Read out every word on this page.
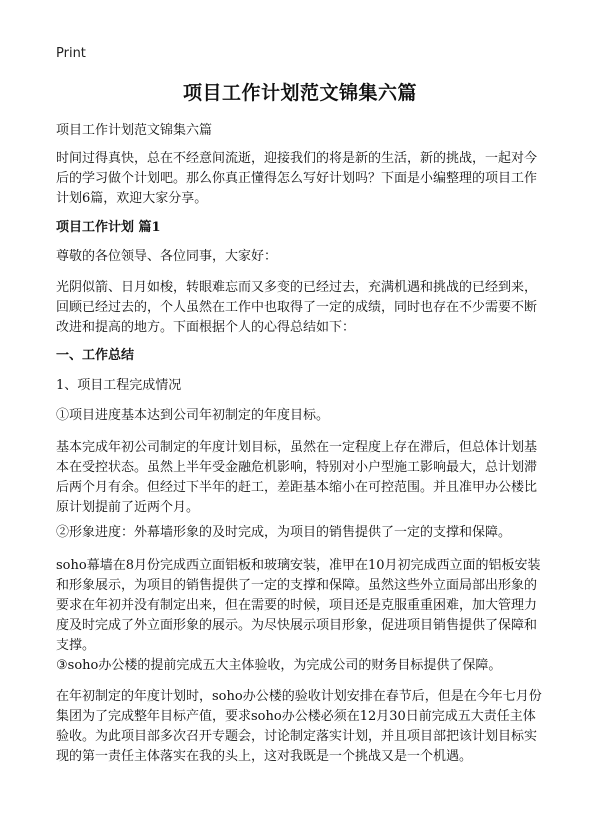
Print
项目工作计划范文锦集六篇

项目工作计划范文锦集六篇

时间过得真快，总在不经意间流逝，迎接我们的将是新的生活，新的挑战，一起对今后的学习做个计划吧。那么你真正懂得怎么写好计划吗？下面是小编整理的项目工作计划6篇，欢迎大家分享。

项目工作计划 篇1

尊敬的各位领导、各位同事，大家好：

光阴似箭、日月如梭，转眼难忘而又多变的已经过去，充满机遇和挑战的已经到来，回顾已经过去的，个人虽然在工作中也取得了一定的成绩，同时也存在不少需要不断改进和提高的地方。下面根据个人的心得总结如下：

一、工作总结

1、项目工程完成情况

①项目进度基本达到公司年初制定的年度目标。

基本完成年初公司制定的年度计划目标，虽然在一定程度上存在滞后，但总体计划基本在受控状态。虽然上半年受金融危机影响，特别对小户型施工影响最大，总计划滞后两个月有余。但经过下半年的赶工，差距基本缩小在可控范围。并且准甲办公楼比原计划提前了近两个月。

②形象进度：外幕墙形象的及时完成，为项目的销售提供了一定的支撑和保障。

soho幕墙在8月份完成西立面铝板和玻璃安装，准甲在10月初完成西立面的铝板安装和形象展示，为项目的销售提供了一定的支撑和保障。虽然这些外立面局部出形象的要求在年初并没有制定出来，但在需要的时候，项目还是克服重重困难，加大管理力度及时完成了外立面形象的展示。为尽快展示项目形象，促进项目销售提供了保障和支撑。

③soho办公楼的提前完成五大主体验收，为完成公司的财务目标提供了保障。

在年初制定的年度计划时，soho办公楼的验收计划安排在春节后，但是在今年七月份集团为了完成整年目标产值，要求soho办公楼必须在12月30日前完成五大责任主体验收。为此项目部多次召开专题会，讨论制定落实计划，并且项目部把该计划目标实现的第一责任主体落实在我的头上，这对我既是一个挑战又是一个机遇。
